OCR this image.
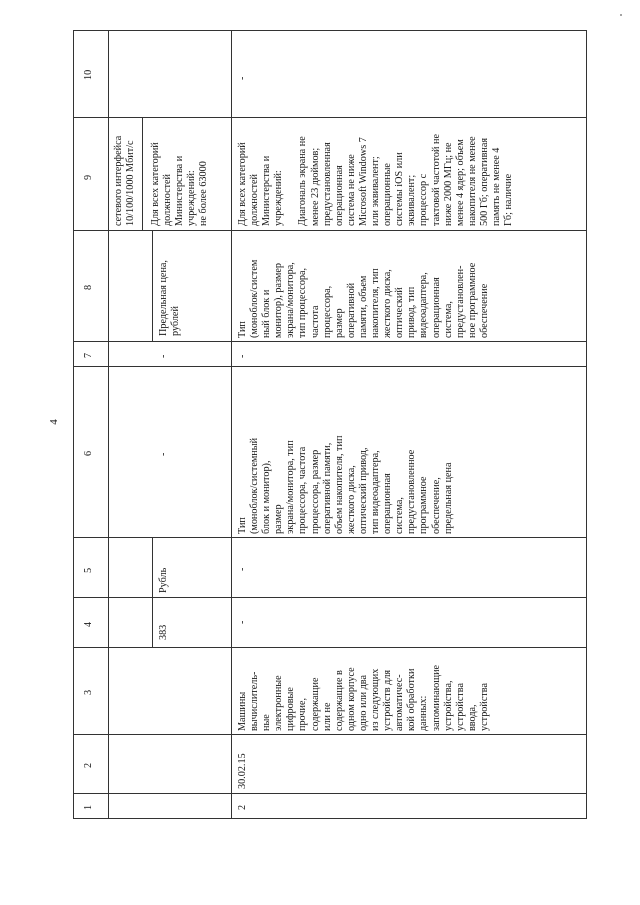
4
1
2
3
4
5
6
7
8
9
10
сетевого интерфейса
10/100/1000 Мбит/с
383
Рубль
-
-
Предельная цена,
рублей
Для всех категорий
должностей
Министерства и
учреждений:
не более 63000
2
30.02.15
Машины
вычислитель-
ные
электронные
цифровые
прочие,
содержащие
или не
содержащие в
одном корпусе
одно или два
из следующих
устройств для
автоматичес-
кой обработки
данных:
запоминающие
устройства,
устройства
ввода,
устройства
-
-
Тип
(моноблок/системный
блок и монитор),
размер
экрана/монитора, тип
процессора, частота
процессора, размер
оперативной памяти,
объем накопителя, тип
жесткого диска,
оптический привод,
тип видеоадаптера,
операционная
система,
предустановленное
программное
обеспечение,
предельная цена
-
Тип
(моноблок/систем
ный блок и
монитор), размер
экрана/монитора,
тип процессора,
частота
процессора,
размер
оперативной
памяти, объем
накопителя, тип
жесткого диска,
оптический
привод, тип
видеоадаптера,
операционная
система,
предустановлен-
ное программное
обеспечение
Для всех категорий
должностей
Министерства и
учреждений:

Диагональ экрана не
менее 23 дюймов;
предустановленная
операционная
система не ниже
Microsoft Windows 7
или эквивалент;
операционные
системы iOS или
эквивалент;
процессор с
тактовой частотой не
ниже 2000 МГц; не
менее 4 ядер; объем
накопителя не менее
500 Гб; оперативная
память не менее 4
Гб; наличие
-
